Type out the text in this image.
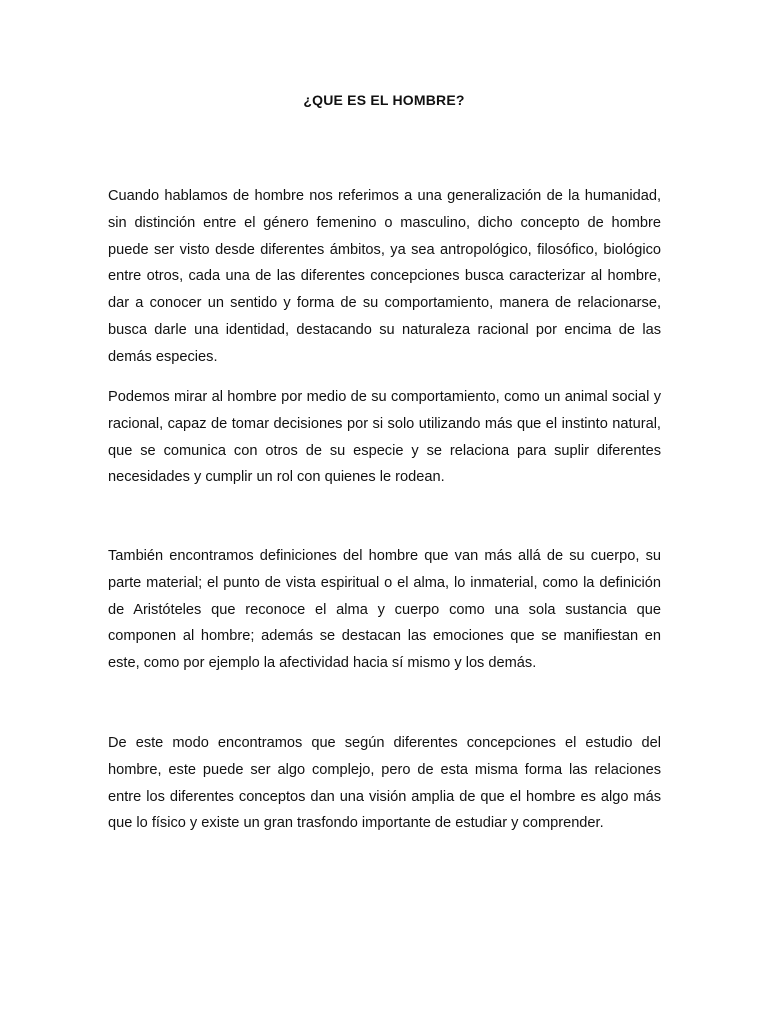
¿QUE ES EL HOMBRE?

Cuando hablamos de hombre nos referimos a una generalización de la humanidad, sin distinción entre el género femenino o masculino, dicho concepto de hombre puede ser visto desde diferentes ámbitos, ya sea antropológico, filosófico, biológico entre otros, cada una de las diferentes concepciones busca caracterizar al hombre, dar a conocer un sentido y forma de su comportamiento, manera de relacionarse, busca darle una identidad, destacando su naturaleza racional por encima de las demás especies.

Podemos mirar al hombre por medio de su comportamiento, como un animal social y racional, capaz de tomar decisiones por si solo utilizando más que el instinto natural, que se comunica con otros de su especie y se relaciona para suplir diferentes necesidades y cumplir un rol con quienes le rodean.

También encontramos definiciones del hombre que van más allá de su cuerpo, su parte material; el punto de vista espiritual o el alma, lo inmaterial, como la definición de Aristóteles que reconoce el alma y cuerpo como una sola sustancia que componen al hombre; además se destacan las emociones que se manifiestan en este, como por ejemplo la afectividad hacia sí mismo y los demás.

De este modo encontramos que según diferentes concepciones el estudio del hombre, este puede ser algo complejo, pero de esta misma forma las relaciones entre los diferentes conceptos dan una visión amplia de que el hombre es algo más que lo físico y existe un gran trasfondo importante de estudiar y comprender.
